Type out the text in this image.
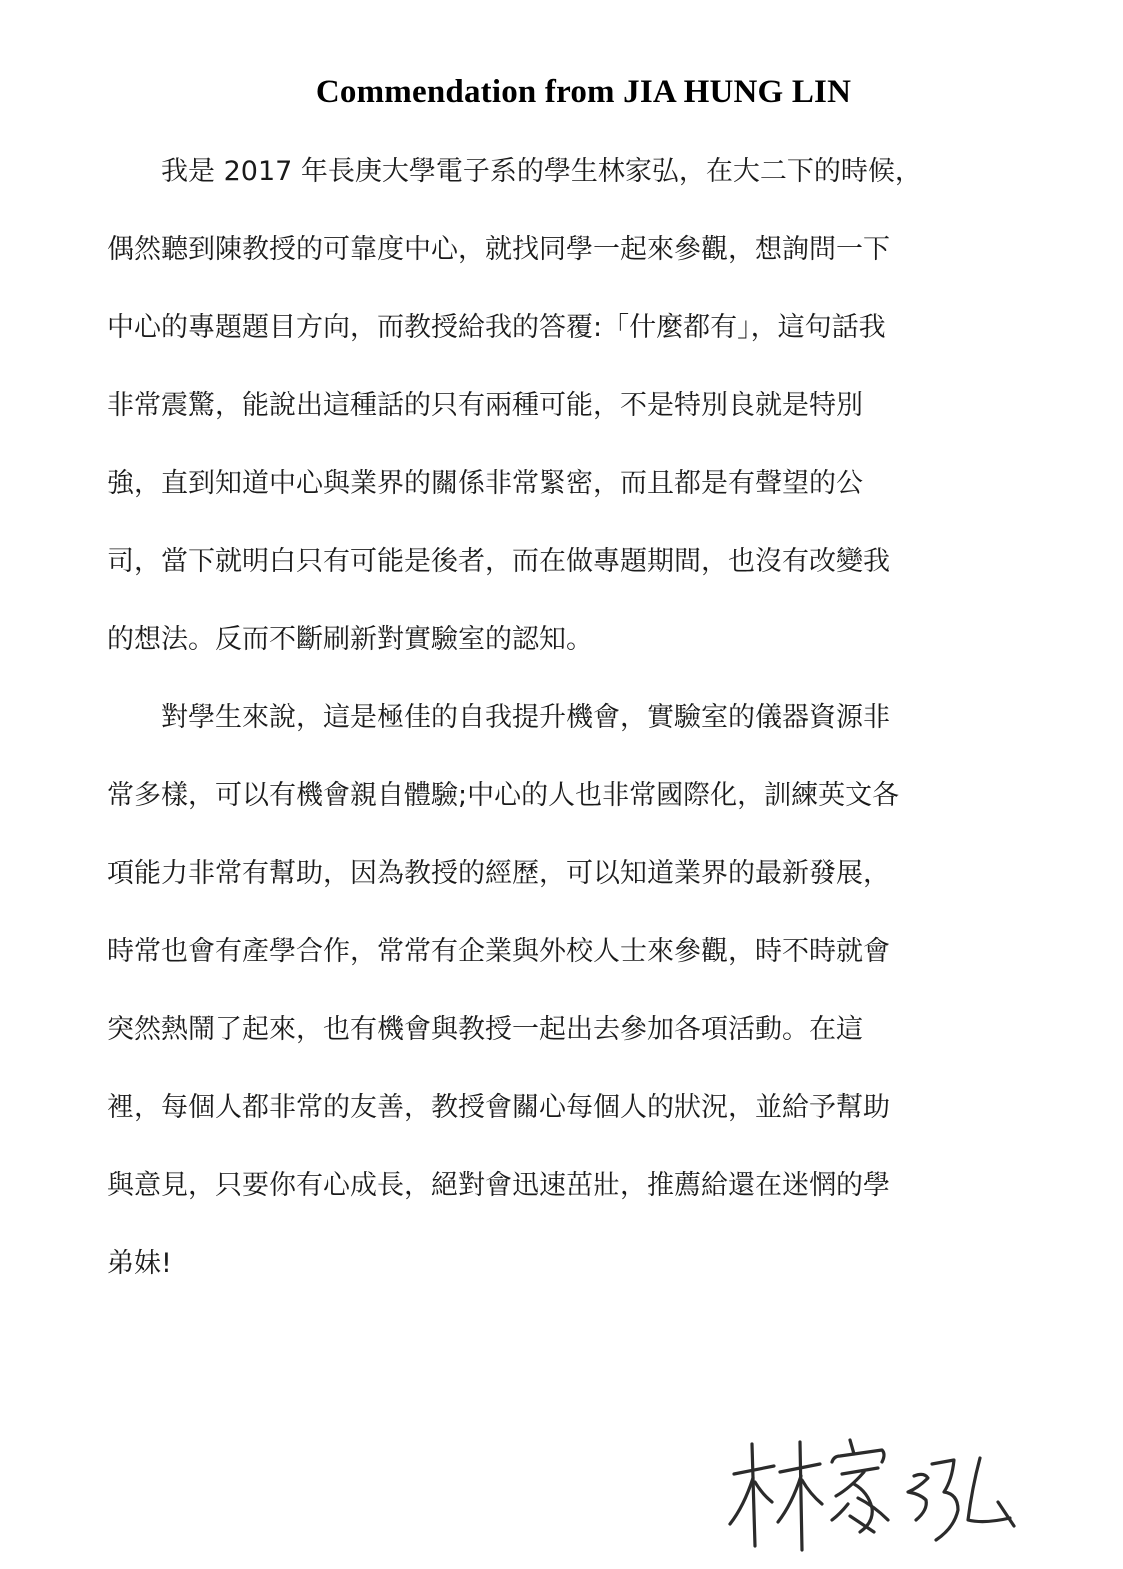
Commendation from JIA HUNG LIN
我是 2017 年長庚大學電子系的學生林家弘，在大二下的時候，
偶然聽到陳教授的可靠度中心，就找同學一起來參觀，想詢問一下
中心的專題題目方向，而教授給我的答覆:「什麼都有」，這句話我
非常震驚，能說出這種話的只有兩種可能，不是特別良就是特別
強，直到知道中心與業界的關係非常緊密，而且都是有聲望的公
司，當下就明白只有可能是後者，而在做專題期間，也沒有改變我
的想法。反而不斷刷新對實驗室的認知。
對學生來說，這是極佳的自我提升機會，實驗室的儀器資源非
常多樣，可以有機會親自體驗;中心的人也非常國際化，訓練英文各
項能力非常有幫助，因為教授的經歷，可以知道業界的最新發展，
時常也會有產學合作，常常有企業與外校人士來參觀，時不時就會
突然熱鬧了起來，也有機會與教授一起出去參加各項活動。在這
裡，每個人都非常的友善，教授會關心每個人的狀況，並給予幫助
與意見，只要你有心成長，絕對會迅速茁壯，推薦給還在迷惘的學
弟妹!
